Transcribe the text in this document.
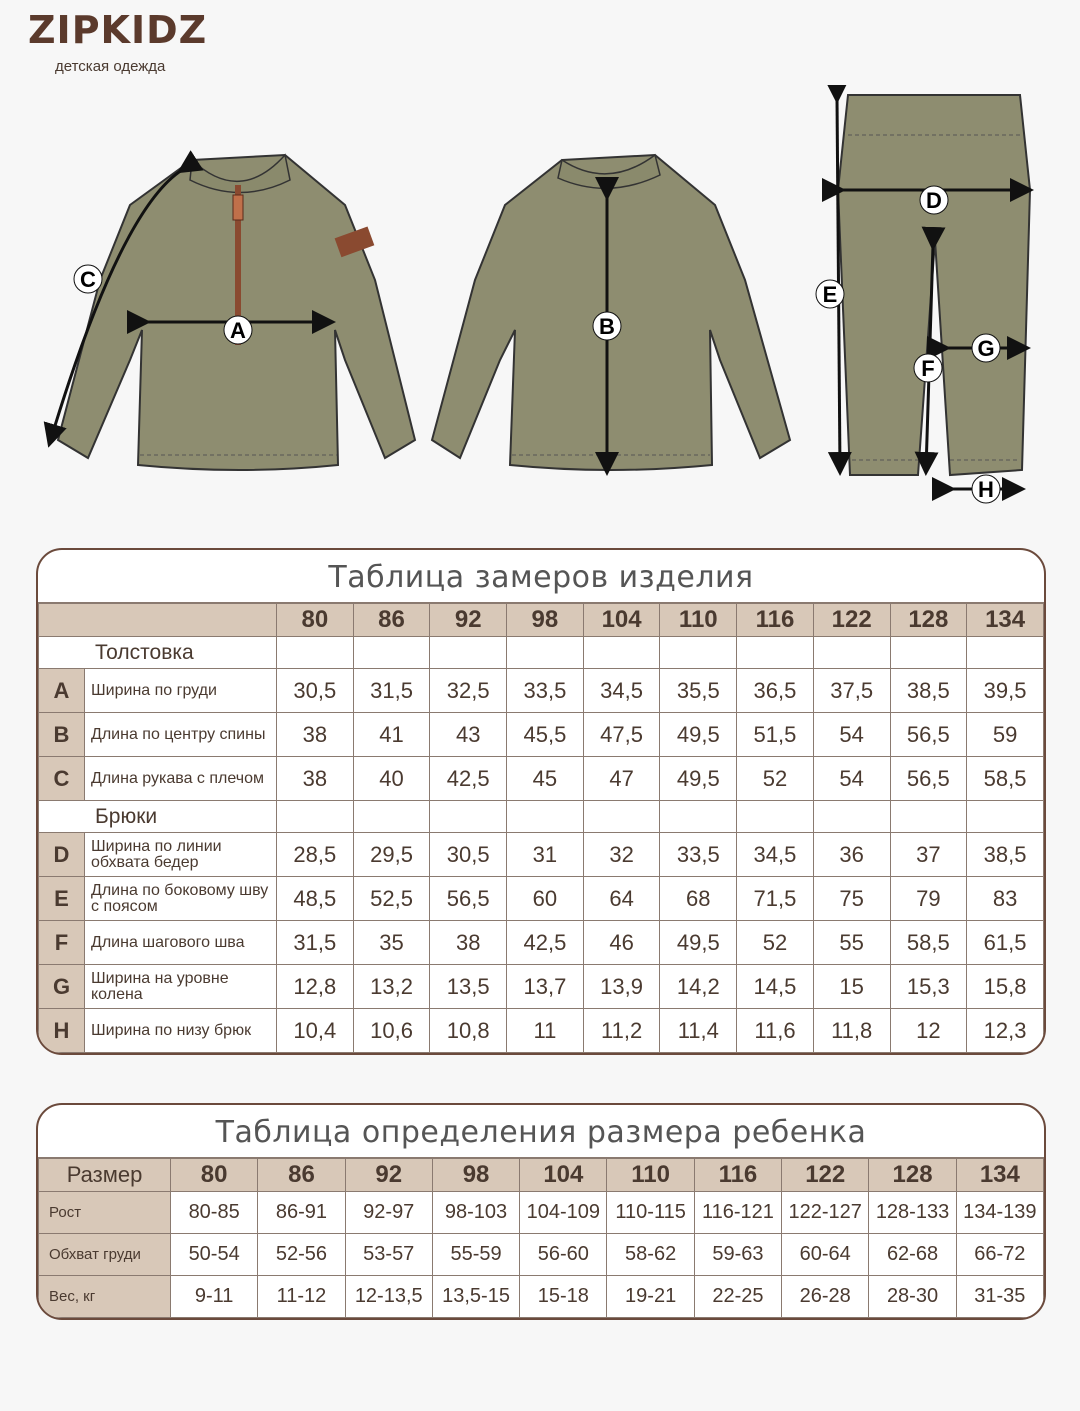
ZIPKIDZ
детская одежда
A	B
C
D
E
F
G
H
Таблица замеров изделия
		80	86	92	98	104	110	116	122	128	134
Толстовка											
A	Ширина по груди	30,5	31,5	32,5	33,5	34,5	35,5	36,5	37,5	38,5	39,5
B	Длина по центру спины	38	41	43	45,5	47,5	49,5	51,5	54	56,5	59
C	Длина рукава с плечом	38	40	42,5	45	47	49,5	52	54	56,5	58,5
Брюки											
D	Ширина по линии обхвата бедер	28,5	29,5	30,5	31	32	33,5	34,5	36	37	38,5
E	Длина по боковому шву с поясом	48,5	52,5	56,5	60	64	68	71,5	75	79	83
F	Длина шагового шва	31,5	35	38	42,5	46	49,5	52	55	58,5	61,5
G	Ширина на уровне колена	12,8	13,2	13,5	13,7	13,9	14,2	14,5	15	15,3	15,8
H	Ширина по низу брюк	10,4	10,6	10,8	11	11,2	11,4	11,6	11,8	12	12,3
Таблица определения размера ребенка
Размер	80	86	92	98	104	110	116	122	128	134
Рост	80-85	86-91	92-97	98-103	104-109	110-115	116-121	122-127	128-133	134-139
Обхват груди	50-54	52-56	53-57	55-59	56-60	58-62	59-63	60-64	62-68	66-72
Вес, кг	9-11	11-12	12-13,5	13,5-15	15-18	19-21	22-25	26-28	28-30	31-35
